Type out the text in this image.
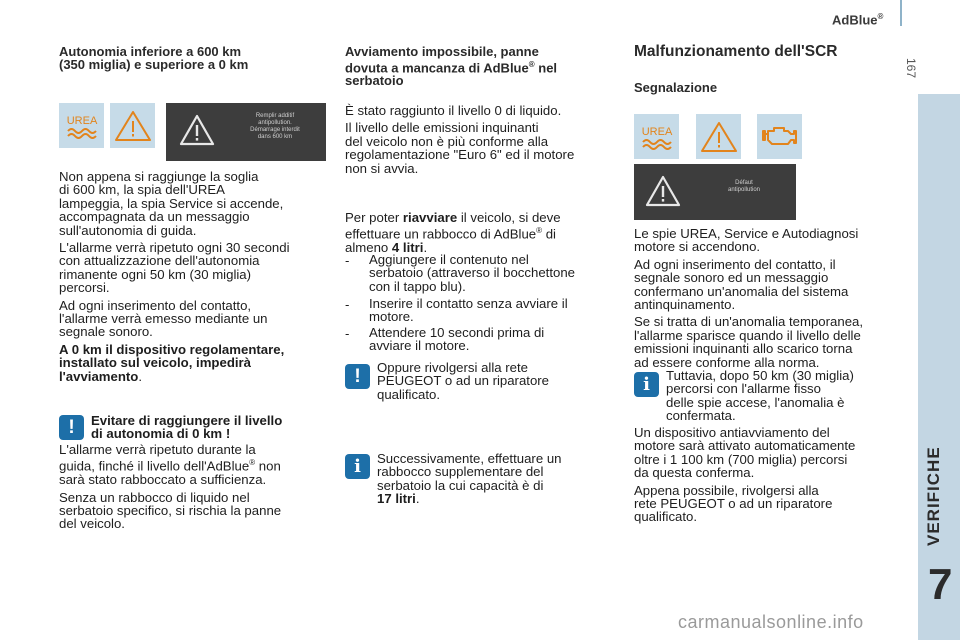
AdBlue®
167
VERIFICHE
7

Autonomia inferiore a 600 km

(350 miglia) e superiore a 0 km

UREA	Remplir additif
antipollution.
Démarrage interdit
dans 600 km

Non appena si raggiunge la soglia

di 600 km, la spia dell'UREA

lampeggia, la spia Service si accende,

accompagnata da un messaggio

sull'autonomia di guida.

L'allarme verrà ripetuto ogni 30 secondi

con attualizzazione dell'autonomia

rimanente ogni 50 km (30 miglia)

percorsi.

Ad ogni inserimento del contatto,

l'allarme verrà emesso mediante un

segnale sonoro.

A 0 km il dispositivo regolamentare,

installato sul veicolo, impedirà

l'avviamento.

!	Evitare di raggiungere il livello

di autonomia di 0 km !

L'allarme verrà ripetuto durante la

guida, finché il livello dell'AdBlue® non

sarà stato rabboccato a sufficienza.

Senza un rabbocco di liquido nel

serbatoio specifico, si rischia la panne

del veicolo.

Avviamento impossibile, panne

dovuta a mancanza di AdBlue® nel

serbatoio

È stato raggiunto il livello 0 di liquido.

Il livello delle emissioni inquinanti

del veicolo non è più conforme alla

regolamentazione "Euro 6" ed il motore

non si avvia.

Per poter riavviare il veicolo, si deve

effettuare un rabbocco di AdBlue® di

almeno 4 litri.

- Aggiungere il contenuto nel

serbatoio (attraverso il bocchettone

con il tappo blu).

- Inserire il contatto senza avviare il

motore.

- Attendere 10 secondi prima di

avviare il motore.

!	Oppure rivolgersi alla rete

PEUGEOT o ad un riparatore

qualificato.

i	Successivamente, effettuare un

rabbocco supplementare del

serbatoio la cui capacità è di

17 litri.

Malfunzionamento dell'SCR
Segnalazione
UREA
Défaut
antipollution

Le spie UREA, Service e Autodiagnosi

motore si accendono.

Ad ogni inserimento del contatto, il

segnale sonoro ed un messaggio

confermano un'anomalia del sistema

antinquinamento.

Se si tratta di un'anomalia temporanea,

l'allarme sparisce quando il livello delle

emissioni inquinanti allo scarico torna

ad essere conforme alla norma.

i	Tuttavia, dopo 50 km (30 miglia)

percorsi con l'allarme fisso

delle spie accese, l'anomalia è

confermata.

Un dispositivo antiavviamento del

motore sarà attivato automaticamente

oltre i 1 100 km (700 miglia) percorsi

da questa conferma.

Appena possibile, rivolgersi alla

rete PEUGEOT o ad un riparatore

qualificato.

carmanualsonline.info
